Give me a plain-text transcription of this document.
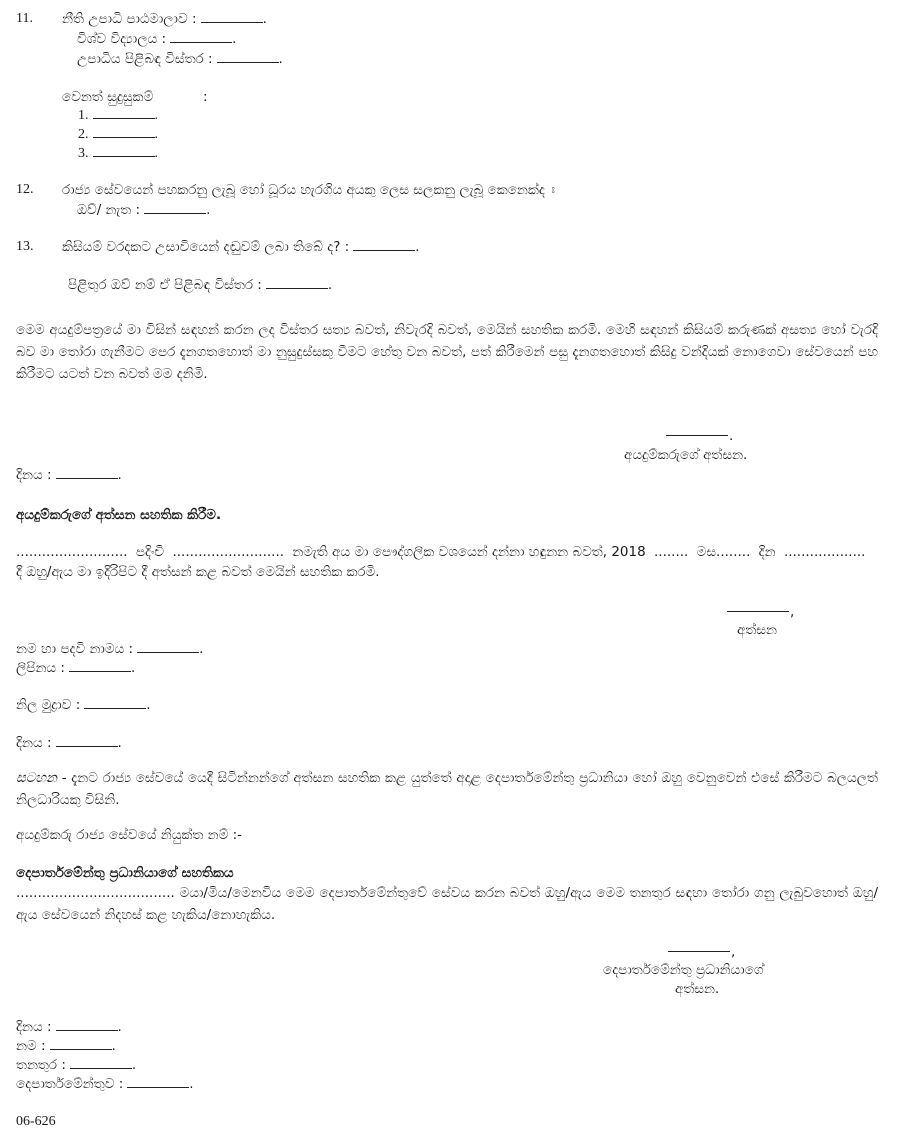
11. නීති උපාධි පාඨමාලාව :	.
විශ්ව විද්‍යාලය :	.
උපාධිය පිළිබඳ විස්තර :	.
වෙනත් සුදුසුකම්	:
1.	.
2.	.
3.	.
12. රාජ්‍ය සේවයෙන් පහකරනු ලැබූ හෝ ධූරය හැරගිය අයකු ලෙස සලකනු ලැබූ කෙනෙක්ද ඃ
ඔව්/ නැත :	.
13. කිසියම් වරදකට උසාවියෙන් දඬුවම් ලබා තිබේ ද? :	.
පිළිතුර ඔව් නම් ඒ පිළිබඳ විස්තර :	.
මෙම අයදුම්පත්‍රයේ මා විසින් සඳහන් කරන ලද විස්තර සත්‍ය බවත්, නිවැරදි බවත්, මෙයින් සහතික කරමි. මෙහි සඳහන් කිසියම් කරුණක් අසත්‍ය හෝ වැරදි බව මා තෝරා ගැනීමට පෙර දැනගතහොත් මා නුසුදුස්සකු වීමට හේතු වන බවත්, පත් කිරීමෙන් පසු දැනගතහොත් කිසිදු වන්දියක් නොගෙවා සේවයෙන් පහ කිරීමට යටත් වන බවත් මම දනිමි.
.
අයදුම්කරුගේ අත්සන.
දිනය :	.
අයදුම්කරුගේ අත්සන සහතික කිරීම.
.......................... පදිංචි .......................... නමැති අය මා පෞද්ගලික වශයෙන් දන්නා හඳුනන බවත්, 2018 ........ මස........ දින ...................
දී ඔහු/ඇය මා ඉදිරිපිට දී අත්සන් කළ බවත් මෙයින් සහතික කරමි.
,
අත්සන
නම හා පදවි නාමය :	.
ලිපිනය :	.
නිල මුද්‍රාව :	.
දිනය :	.
සටහන - දැනට රාජ්‍ය සේවයේ යෙදී සිටින්නන්ගේ අත්සන සහතික කළ යුත්තේ අදාළ දෙපාර්තමේන්තු ප්‍රධානියා හෝ ඔහු වෙනුවෙන් එසේ කිරීමට බලයලත් නිලධාරියකු විසිනි.
අයදුම්කරු රාජ්‍ය සේවයේ නියුක්ත නම් :-
දෙපාර්තමේන්තු ප්‍රධානියාගේ සහතිකය
..................................... මයා/මිය/මෙනවිය මෙම දෙපාර්තමේන්තුවේ සේවය කරන බවත් ඔහු/ඇය මෙම තනතුර සඳහා තෝරා ගනු ලැබුවහොත් ඔහු/ඇය සේවයෙන් නිදහස් කළ හැකිය/නොහැකිය.
,
දෙපාර්තමේන්තු ප්‍රධානියාගේ
අත්සන.
දිනය :	.
නම :	.
තනතුර :	.
දෙපාර්තමේන්තුව :	.
06-626
